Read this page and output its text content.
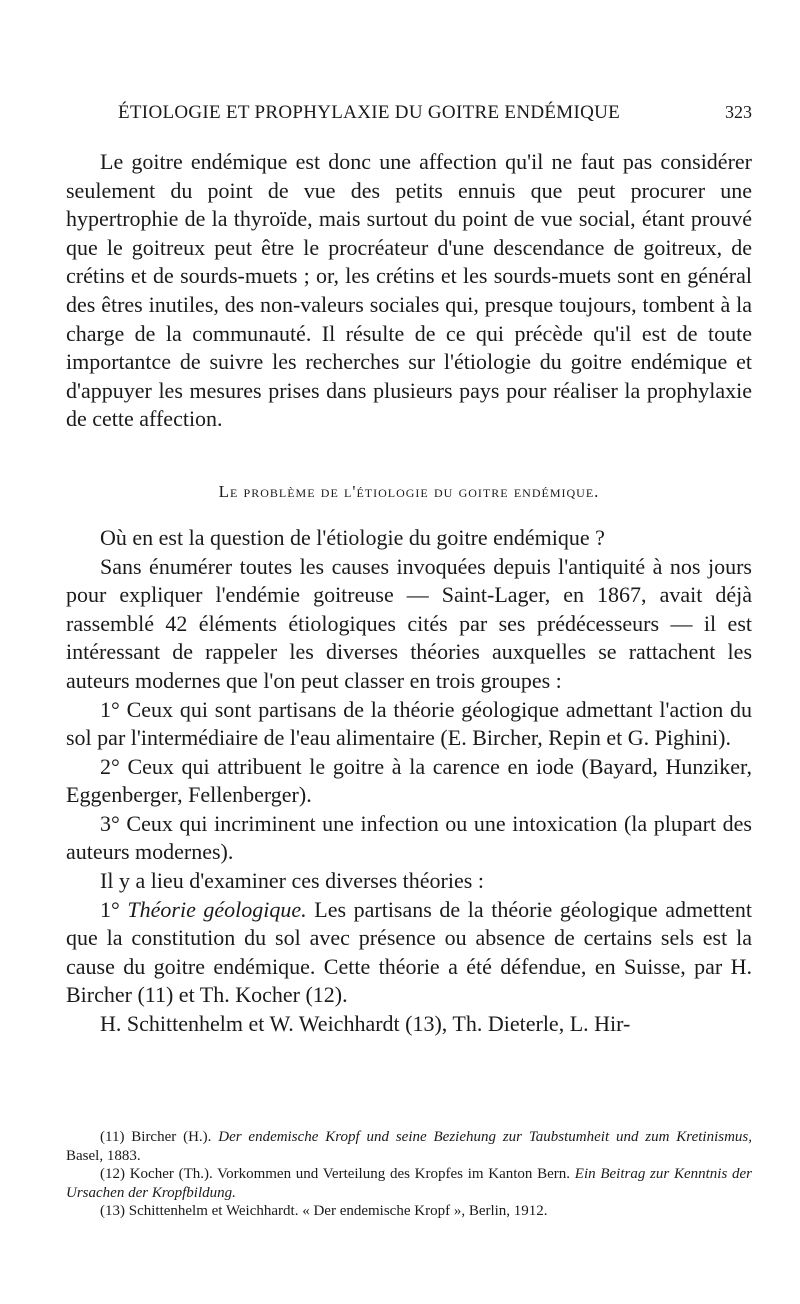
ÉTIOLOGIE ET PROPHYLAXIE DU GOITRE ENDÉMIQUE	323

Le goitre endémique est donc une affection qu'il ne faut pas considérer seulement du point de vue des petits ennuis que peut procurer une hypertrophie de la thyroïde, mais surtout du point de vue social, étant prouvé que le goitreux peut être le procréateur d'une descendance de goitreux, de crétins et de sourds-muets ; or, les crétins et les sourds-muets sont en général des êtres inutiles, des non-valeurs sociales qui, presque toujours, tombent à la charge de la communauté. Il résulte de ce qui précède qu'il est de toute importantce de suivre les recherches sur l'étiologie du goitre endémique et d'appuyer les mesures prises dans plusieurs pays pour réaliser la prophylaxie de cette affection.

Le problème de l'étiologie du goitre endémique.

Où en est la question de l'étiologie du goitre endémique ?

Sans énumérer toutes les causes invoquées depuis l'antiquité à nos jours pour expliquer l'endémie goitreuse — Saint-Lager, en 1867, avait déjà rassemblé 42 éléments étiologiques cités par ses prédécesseurs — il est intéressant de rappeler les diverses théories auxquelles se rattachent les auteurs modernes que l'on peut classer en trois groupes :

1° Ceux qui sont partisans de la théorie géologique admettant l'action du sol par l'intermédiaire de l'eau alimentaire (E. Bircher, Repin et G. Pighini).

2° Ceux qui attribuent le goitre à la carence en iode (Bayard, Hunziker, Eggenberger, Fellenberger).

3° Ceux qui incriminent une infection ou une intoxication (la plupart des auteurs modernes).

Il y a lieu d'examiner ces diverses théories :

1° Théorie géologique. Les partisans de la théorie géologique admettent que la constitution du sol avec présence ou absence de certains sels est la cause du goitre endémique. Cette théorie a été défendue, en Suisse, par H. Bircher (11) et Th. Kocher (12).

H. Schittenhelm et W. Weichhardt (13), Th. Dieterle, L. Hir-

(11) Bircher (H.). Der endemische Kropf und seine Beziehung zur Taubstumheit und zum Kretinismus, Basel, 1883.

(12) Kocher (Th.). Vorkommen und Verteilung des Kropfes im Kanton Bern. Ein Beitrag zur Kenntnis der Ursachen der Kropfbildung.

(13) Schittenhelm et Weichhardt. « Der endemische Kropf », Berlin, 1912.
